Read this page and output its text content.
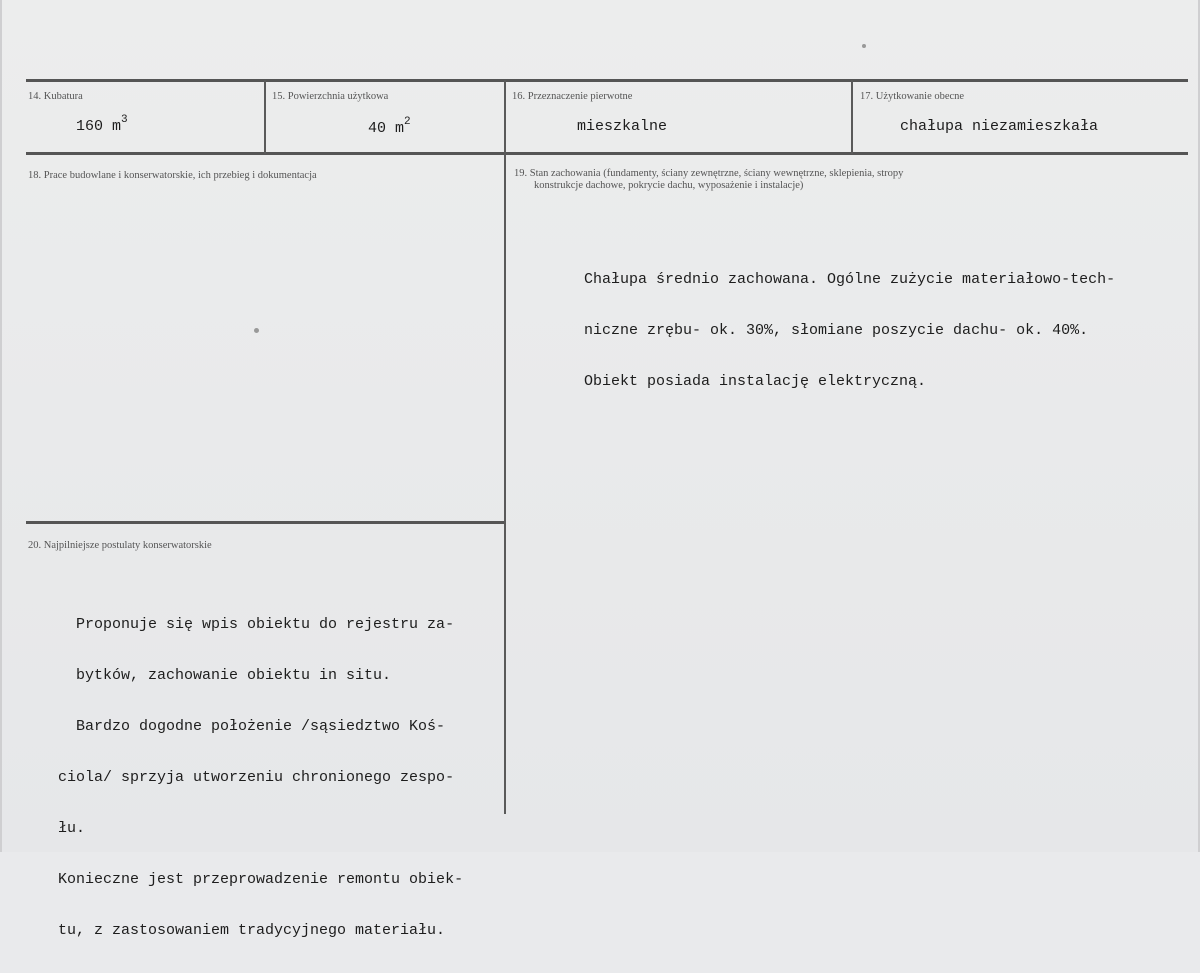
14. Kubatura
160 $m^3$
15. Powierzchnia użytkowa
40 $m^2$
16. Przeznaczenie pierwotne
mieszkalne
17. Użytkowanie obecne
chałupa niezamieszkała
18. Prace budowlane i konserwatorskie, ich przebieg i dokumentacja	19. Stan zachowania (fundamenty, ściany zewnętrzne, ściany wewnętrzne, sklepienia, stropy
konstrukcje dachowe, pokrycie dachu, wyposażenie i instalacje)

Chałupa średnio zachowana. Ogólne zużycie materiałowo-tech-

niczne zrębu- ok. 30%, słomiane poszycie dachu- ok. 40%.

Obiekt posiada instalację elektryczną.

20. Najpilniejsze postulaty konserwatorskie

Proponuje się wpis obiektu do rejestru za-

bytków, zachowanie obiektu in situ.

Bardzo dogodne położenie /sąsiedztwo Koś-

ciola/ sprzyja utworzeniu chronionego zespo-

łu.

Konieczne jest przeprowadzenie remontu obiek-

tu, z zastosowaniem tradycyjnego materiału.
